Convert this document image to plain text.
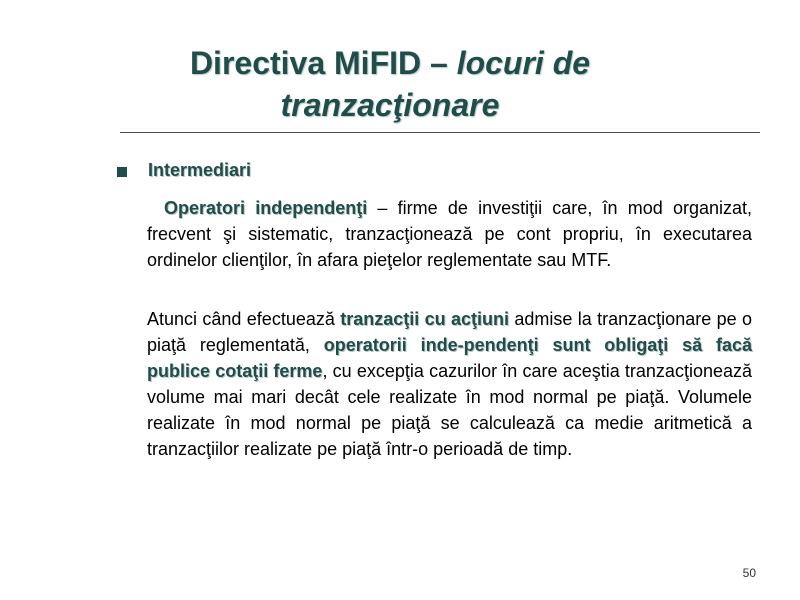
Directiva MiFID – locuri de tranzacţionare
Intermediari
Operatori independenţi – firme de investiţii care, în mod organizat, frecvent şi sistematic, tranzacţionează pe cont propriu, în executarea ordinelor clienţilor, în afara pieţelor reglementate sau MTF.
Atunci când efectuează tranzacţii cu acţiuni admise la tranzacţionare pe o piaţă reglementată, operatorii inde-pendenţi sunt obligaţi să facă publice cotaţii ferme, cu excepţia cazurilor în care aceştia tranzacţionează volume mai mari decât cele realizate în mod normal pe piaţă. Volumele realizate în mod normal pe piaţă se calculează ca medie aritmetică a tranzacţiilor realizate pe piaţă într-o perioadă de timp.
50
